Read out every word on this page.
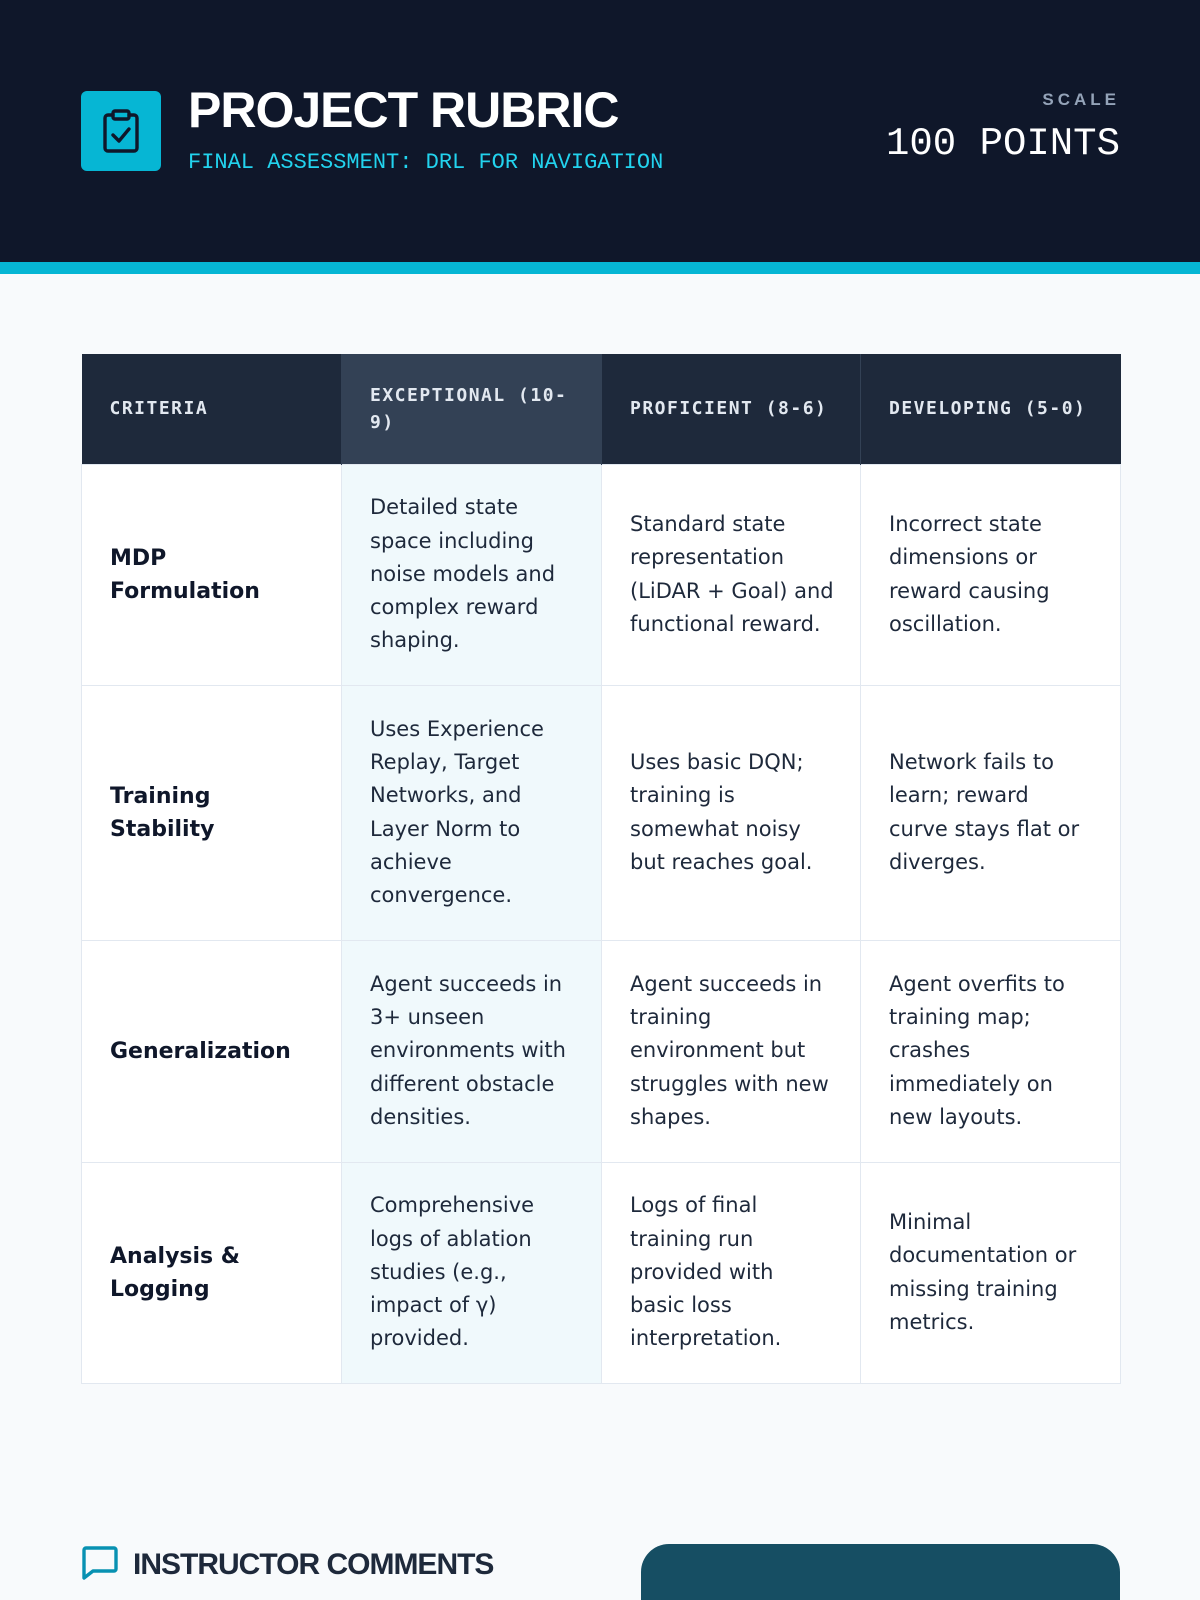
PROJECT RUBRIC
FINAL ASSESSMENT: DRL FOR NAVIGATION
SCALE
100 POINTS
CRITERIA	EXCEPTIONAL (10-9)	PROFICIENT (8-6)	DEVELOPING (5-0)
MDP Formulation	Detailed state space including noise models and complex reward shaping.	Standard state representation (LiDAR + Goal) and functional reward.	Incorrect state dimensions or reward causing oscillation.
Training Stability	Uses Experience Replay, Target Networks, and Layer Norm to achieve convergence.	Uses basic DQN; training is somewhat noisy but reaches goal.	Network fails to learn; reward curve stays flat or diverges.
Generalization	Agent succeeds in 3+ unseen environments with different obstacle densities.	Agent succeeds in training environment but struggles with new shapes.	Agent overfits to training map; crashes immediately on new layouts.
Analysis & Logging	Comprehensive logs of ablation studies (e.g., impact of γ) provided.	Logs of final training run provided with basic loss interpretation.	Minimal documentation or missing training metrics.
INSTRUCTOR COMMENTS
